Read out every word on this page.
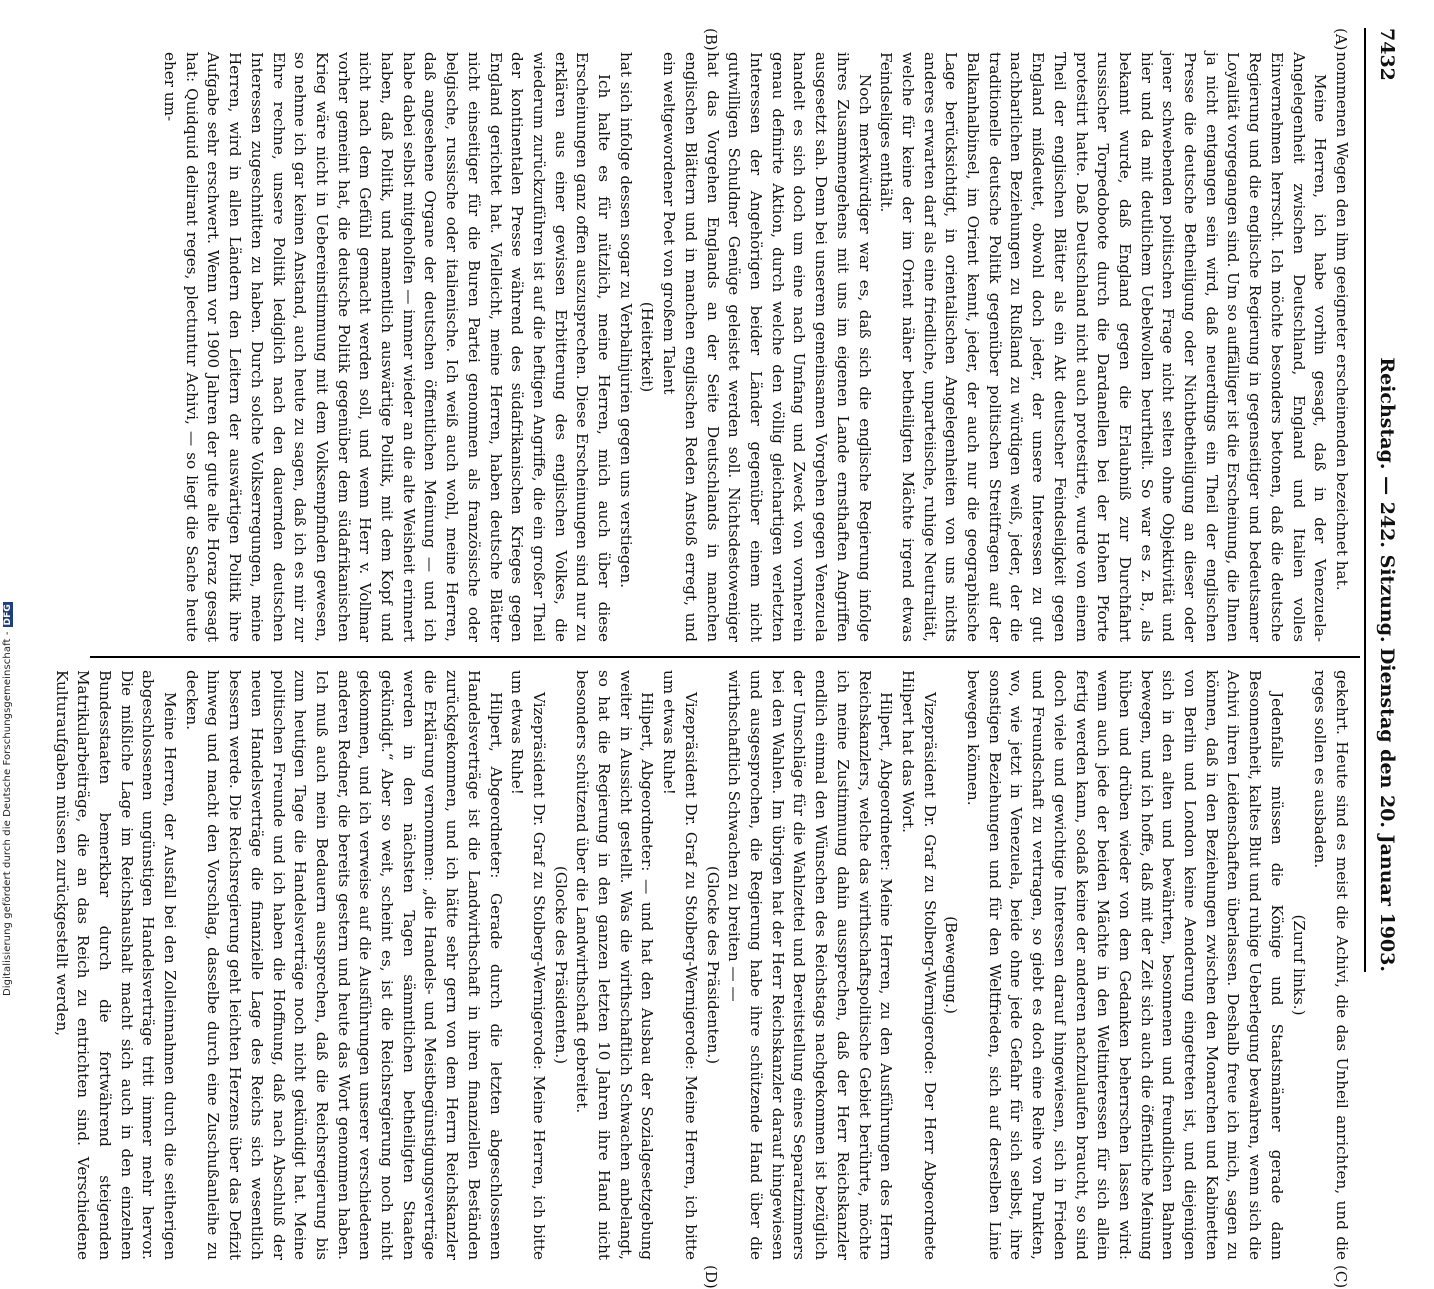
Digitalisierung gefördert durch die Deutsche Forschungsgemeinschaft -DFG
7432
Reichstag. — 242. Sitzung.
Dienstag den 20. Januar 1903.
(A)
(B)
(C)
(D)

nommenen Wegen den ihm geeigneter erscheinenden bezeichnet hat.

Meine Herren, ich habe vorhin gesagt, daß in der Venezuela-Angelegenheit zwischen Deutschland, England und Italien volles Einvernehmen herrscht. Ich möchte besonders betonen, daß die deutsche Regierung und die englische Regierung in gegenseitiger und bedeutsamer Loyalität vorgegangen sind. Um so auffälliger ist die Erscheinung, die Ihnen ja nicht entgangen sein wird, daß neuerdings ein Theil der englischen Presse die deutsche Betheiligung oder Nichtbetheiligung an dieser oder jener schwebenden politischen Frage nicht selten ohne Objektivität und hier und da mit deutlichem Uebelwollen beurtheilt. So war es z. B., als bekannt wurde, daß England gegen die Erlaubniß zur Durchfahrt russischer Torpedoboote durch die Dardanellen bei der Hohen Pforte protestirt hatte. Daß Deutschland nicht auch protestirte, wurde von einem Theil der englischen Blätter als ein Akt deutscher Feindseligkeit gegen England mißdeutet, obwohl doch jeder, der unsere Interessen zu gut nachbarlichen Beziehungen zu Rußland zu würdigen weiß, jeder, der die traditionelle deutsche Politik gegenüber politischen Streitfragen auf der Balkanhalbinsel, im Orient kennt, jeder, der auch nur die geographische Lage berücksichtigt, in orientalischen Angelegenheiten von uns nichts anderes erwarten darf als eine friedliche, unparteiische, ruhige Neutralität, welche für keine der im Orient näher betheiligten Mächte irgend etwas Feindseliges enthält.

Noch merkwürdiger war es, daß sich die englische Regierung infolge ihres Zusammengehens mit uns im eigenen Lande ernsthaften Angriffen ausgesetzt sah. Denn bei unserem gemeinsamen Vorgehen gegen Venezuela handelt es sich doch um eine nach Umfang und Zweck von vornherein genau definirte Aktion, durch welche den völlig gleichartigen verletzten Interessen der Angehörigen beider Länder gegenüber einem nicht gutwilligen Schuldner Genüge geleistet werden soll. Nichtsdestoweniger hat das Vorgehen Englands an der Seite Deutschlands in manchen englischen Blättern und in manchen englischen Reden Anstoß erregt, und ein weltgewordener Poet von großem Talent

(Heiterkeit)

hat sich infolge dessen sogar zu Verbalinjurien gegen uns verstiegen.

Ich halte es für nützlich, meine Herren, mich auch über diese Erscheinungen ganz offen auszusprechen. Diese Erscheinungen sind nur zu erklären aus einer gewissen Erbitterung des englischen Volkes, die wiederum zurückzuführen ist auf die heftigen Angriffe, die ein großer Theil der kontinentalen Presse während des südafrikanischen Krieges gegen England gerichtet hat. Vielleicht, meine Herren, haben deutsche Blätter nicht einseitiger für die Buren Partei genommen als französische oder belgische, russische oder italienische. Ich weiß auch wohl, meine Herren, daß angesehene Organe der deutschen öffentlichen Meinung — und ich habe dabei selbst mitgeholfen — immer wieder an die alte Weisheit erinnert haben, daß Politik, und namentlich auswärtige Politik, mit dem Kopf und nicht nach dem Gefühl gemacht werden soll, und wenn Herr v. Vollmar vorher gemeint hat, die deutsche Politik gegenüber dem südafrikanischen Krieg wäre nicht in Uebereinstimmung mit dem Volksempfinden gewesen, so nehme ich gar keinen Anstand, auch heute zu sagen, daß ich es mir zur Ehre rechne, unsere Politik lediglich nach den dauernden deutschen Interessen zugeschnitten zu haben. Durch solche Volkserregungen, meine Herren, wird in allen Ländern den Leitern der auswärtigen Politik ihre Aufgabe sehr erschwert. Wenn vor 1900 Jahren der gute alte Horaz gesagt hat: Quidquid delirant reges, plectuntur Achivi, — so liegt die Sache heute eher um-

gekehrt. Heute sind es meist die Achivi, die das Unheil anrichten, und die reges sollen es ausbaden.

(Zuruf links.)

Jedenfalls müssen die Könige und Staatsmänner gerade dann Besonnenheit, kaltes Blut und ruhige Ueberlegung bewahren, wenn sich die Achivi ihren Leidenschaften überlassen. Deshalb freue ich mich, sagen zu können, daß in den Beziehungen zwischen den Monarchen und Kabinetten von Berlin und London keine Aenderung eingetreten ist, und diejenigen sich in den alten und bewährten, besonnenen und freundlichen Bahnen bewegen, und ich hoffe, daß mit der Zeit sich auch die öffentliche Meinung hüben und drüben wieder von dem Gedanken beherrschen lassen wird: wenn auch jede der beiden Mächte in den Weltinteressen für sich allein fertig werden kann, sodaß keine der anderen nachzulaufen braucht, so sind doch viele und gewichtige Interessen darauf hingewiesen, sich in Frieden und Freundschaft zu vertragen, so giebt es doch eine Reihe von Punkten, wo, wie jetzt in Venezuela, beide ohne jede Gefahr für sich selbst, ihre sonstigen Beziehungen und für den Weltfrieden, sich auf derselben Linie bewegen können.

(Bewegung.)

Vizepräsident Dr. Graf zu Stolberg-Wernigerode: Der Herr Abgeordnete Hilpert hat das Wort.

Hilpert, Abgeordneter: Meine Herren, zu den Ausführungen des Herrn Reichskanzlers, welche das wirthschaftspolitische Gebiet berührte, möchte ich meine Zustimmung dahin aussprechen, daß der Herr Reichskanzler endlich einmal den Wünschen des Reichstags nachgekommen ist bezüglich der Umschläge für die Wahlzettel und Bereitstellung eines Separatzimmers bei den Wahlen. Im übrigen hat der Herr Reichskanzler darauf hingewiesen und ausgesprochen, die Regierung habe ihre schützende Hand über die wirthschaftlich Schwachen zu breiten — —

(Glocke des Präsidenten.)

Vizepräsident Dr. Graf zu Stolberg-Wernigerode: Meine Herren, ich bitte um etwas Ruhe!

Hilpert, Abgeordneter: — und hat den Ausbau der Sozialgesetzgebung weiter in Aussicht gestellt. Was die wirthschaftlich Schwachen anbelangt, so hat die Regierung in den ganzen letzten 10 Jahren ihre Hand nicht besonders schützend über die Landwirthschaft gebreitet.

(Glocke des Präsidenten.)

Vizepräsident Dr. Graf zu Stolberg-Wernigerode: Meine Herren, ich bitte um etwas Ruhe!

Hilpert, Abgeordneter: Gerade durch die letzten abgeschlossenen Handelsverträge ist die Landwirthschaft in ihren finanziellen Beständen zurückgekommen, und ich hätte sehr gern von dem Herrn Reichskanzler die Erklärung vernommen: „die Handels- und Meistbegünstigungsverträge werden in den nächsten Tagen sämmtlichen betheiligten Staaten gekündigt.“ Aber so weit, scheint es, ist die Reichsregierung noch nicht gekommen, und ich verweise auf die Ausführungen unserer verschiedenen anderen Redner, die bereits gestern und heute das Wort genommen haben. Ich muß auch mein Bedauern aussprechen, daß die Reichsregierung bis zum heutigen Tage die Handelsverträge noch nicht gekündigt hat. Meine politischen Freunde und ich haben die Hoffnung, daß nach Abschluß der neuen Handelsverträge die finanzielle Lage des Reichs sich wesentlich bessern werde. Die Reichsregierung geht leichten Herzens über das Defizit hinweg und macht den Vorschlag, dasselbe durch eine Zuschußanleihe zu decken.

Meine Herren, der Ausfall bei den Zolleinnahmen durch die seitherigen abgeschlossenen ungünstigen Handelsverträge tritt immer mehr hervor. Die mißliche Lage im Reichshaushalt macht sich auch in den einzelnen Bundesstaaten bemerkbar durch die fortwährend steigenden Matrikularbeiträge, die an das Reich zu entrichten sind. Verschiedene Kulturaufgaben müssen zurückgestellt werden,
